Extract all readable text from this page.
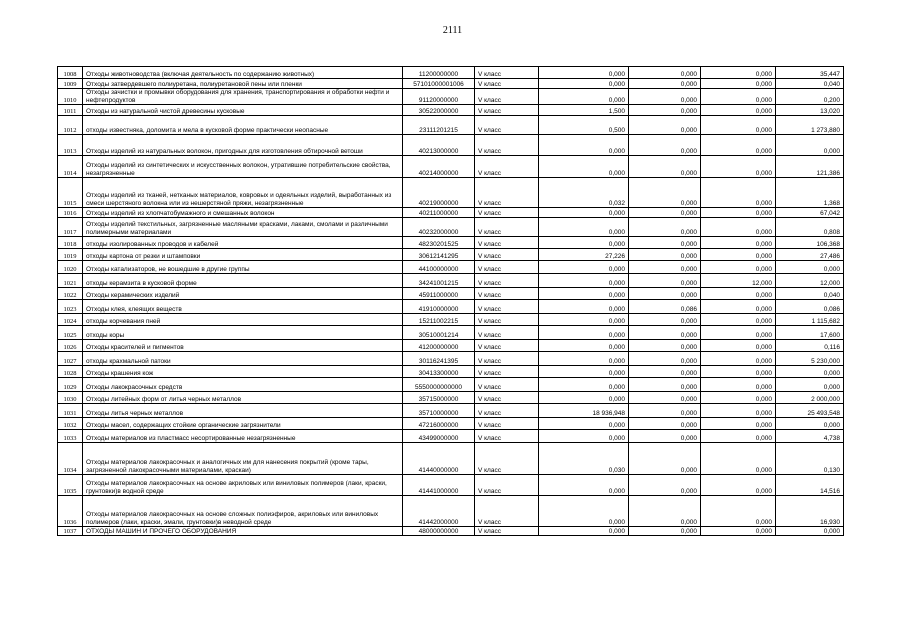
2111
1008	Отходы животноводства (включая деятельность по содержанию животных)	11200000000	V класс	0,000	0,000	0,000	35,447
1009	Отходы затвердевшего полиуретана, полиуретановой пены или пленки	57101000001006	V класс	0,000	0,000	0,000	0,040
1010	Отходы зачистки и промывки оборудования для хранения, транспортирования и обработки нефти и нефтепродуктов	91120000000	V класс	0,000	0,000	0,000	0,200
1011	Отходы из натуральной чистой древесины кусковые	30522000000	V класс	1,500	0,000	0,000	13,020
1012	отходы известняка, доломита и мела в кусковой форме практически неопасные	23111201215	V класс	0,500	0,000	0,000	1 273,880
1013	Отходы изделий из натуральных волокон, пригодных для изготовления обтирочной ветоши	40213000000	V класс	0,000	0,000	0,000	0,000
1014	Отходы изделий из синтетических и искусственных волокон, утратившие потребительские свойства, незагрязненные	40214000000	V класс	0,000	0,000	0,000	121,386
1015	Отходы изделий из тканей, нетканых материалов, ковровых и одеяльных изделий, выработанных из смеси шерстяного волокна или из нешерстяной пряжи, незагрязненные	40219000000	V класс	0,032	0,000	0,000	1,368
1016	Отходы изделий из хлопчатобумажного и смешанных волокон	40211000000	V класс	0,000	0,000	0,000	67,042
1017	Отходы изделий текстильных, загрязненные масляными красками, лаками, смолами и различными полимерными материалами	40232000000	V класс	0,000	0,000	0,000	0,808
1018	отходы изолированных проводов и кабелей	48230201525	V класс	0,000	0,000	0,000	106,368
1019	отходы картона от резки и штамповки	30612141295	V класс	27,226	0,000	0,000	27,486
1020	Отходы катализаторов, не вошедшие в другие группы	44100000000	V класс	0,000	0,000	0,000	0,000
1021	отходы керамзита в кусковой форме	34241001215	V класс	0,000	0,000	12,000	12,000
1022	Отходы керамических изделий	45911000000	V класс	0,000	0,000	0,000	0,040
1023	Отходы клея, клеящих веществ	41910000000	V класс	0,000	0,086	0,000	0,086
1024	отходы корчевания пней	15211002215	V класс	0,000	0,000	0,000	1 115,682
1025	отходы коры	30510001214	V класс	0,000	0,000	0,000	17,600
1026	Отходы красителей и пигментов	41200000000	V класс	0,000	0,000	0,000	0,116
1027	отходы крахмальной патоки	30116241395	V класс	0,000	0,000	0,000	5 230,000
1028	Отходы крашения кож	30413300000	V класс	0,000	0,000	0,000	0,000
1029	Отходы лакокрасочных средств	5550000000000	V класс	0,000	0,000	0,000	0,000
1030	Отходы литейных форм от литья черных металлов	35715000000	V класс	0,000	0,000	0,000	2 000,000
1031	Отходы литья черных металлов	35710000000	V класс	18 936,948	0,000	0,000	25 493,548
1032	Отходы масел, содержащих стойкие органические загрязнители	47216000000	V класс	0,000	0,000	0,000	0,000
1033	Отходы материалов из пластмасс несортированные незагрязненные	43499000000	V класс	0,000	0,000	0,000	4,738
1034	Отходы материалов лакокрасочных и аналогичных им для нанесения покрытий (кроме тары, загрязненной лакокрасочными материалами, краскаи)	41440000000	V класс	0,030	0,000	0,000	0,130
1035	Отходы материалов лакокрасочных на основе акриловых или виниловых полимеров (лаки, краски, грунтовки)в водной среде	41441000000	V класс	0,000	0,000	0,000	14,516
1036	Отходы материалов лакокрасочных на основе сложных полиэфиров, акриловых или виниловых полимеров (лаки, краски, эмали, грунтовки)в неводной среде	41442000000	V класс	0,000	0,000	0,000	16,930
1037	ОТХОДЫ МАШИН И ПРОЧЕГО ОБОРУДОВАНИЯ	48000000000	V класс	0,000	0,000	0,000	0,000
